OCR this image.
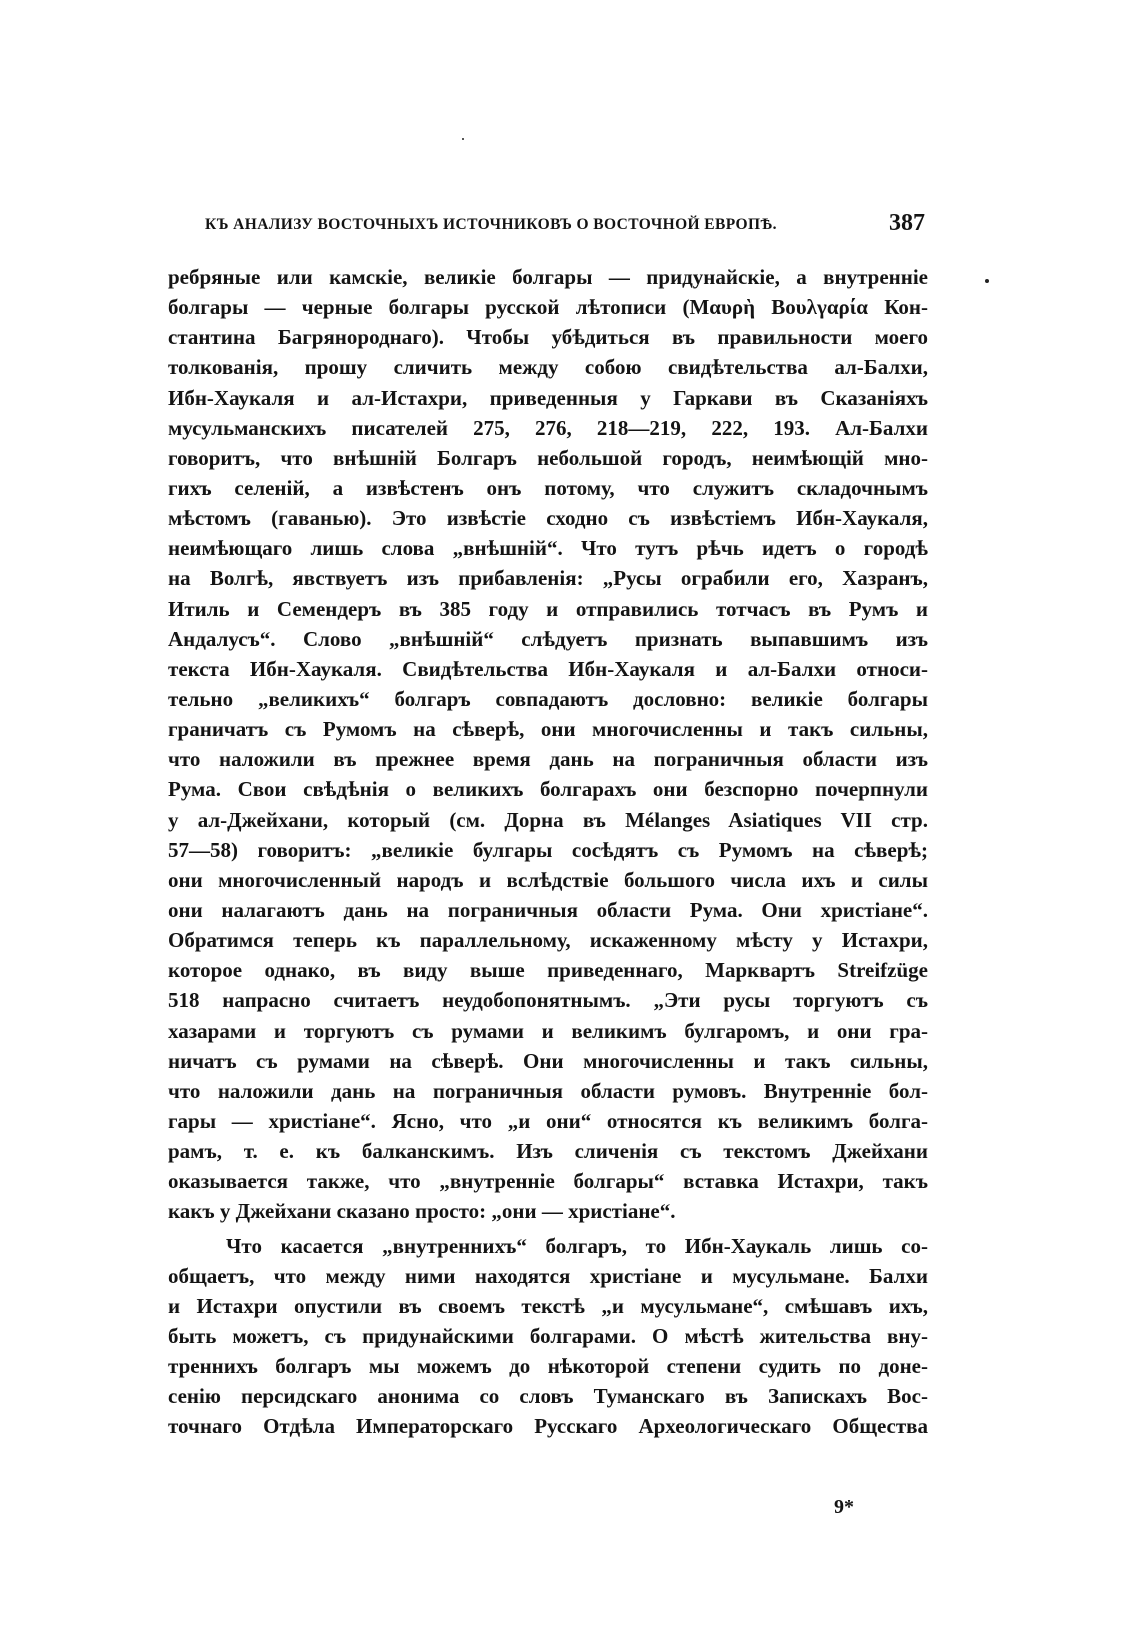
КЪ АНАЛИЗУ ВОСТОЧНЫХЪ ИСТОЧНИКОВЪ О ВОСТОЧНОЙ ЕВРОПѢ.	387
ребряные или камскіе, великіе болгары — придунайскіе, а внутренніе
болгары — черные болгары русской лѣтописи (Μαυρὴ Βουλγαρία Кон-
стантина Багрянороднаго). Чтобы убѣдиться въ правильности моего
толкованія, прошу сличить между собою свидѣтельства ал-Балхи,
Ибн-Хаукаля и ал-Истахри, приведенныя у Гаркави въ Сказаніяхъ
мусульманскихъ писателей 275, 276, 218—219, 222, 193. Ал-Балхи
говоритъ, что внѣшній Болгаръ небольшой городъ, неимѣющій мно-
гихъ селеній, а извѣстенъ онъ потому, что служитъ складочнымъ
мѣстомъ (гаванью). Это извѣстіе сходно съ извѣстіемъ Ибн-Хаукаля,
неимѣющаго лишь слова „внѣшній“. Что тутъ рѣчь идетъ о городѣ
на Волгѣ, явствуетъ изъ прибавленія: „Русы ограбили его, Хазранъ,
Итиль и Семендеръ въ 385 году и отправились тотчасъ въ Румъ и
Андалусъ“. Слово „внѣшній“ слѣдуетъ признать выпавшимъ изъ
текста Ибн-Хаукаля. Свидѣтельства Ибн-Хаукаля и ал-Балхи относи-
тельно „великихъ“ болгаръ совпадаютъ дословно: великіе болгары
граничатъ съ Румомъ на сѣверѣ, они многочисленны и такъ сильны,
что наложили въ прежнее время дань на пограничныя области изъ
Рума. Свои свѣдѣнія о великихъ болгарахъ они безспорно почерпнули
у ал-Джейхани, который (см. Дорна въ Mélanges Asiatiques VII стр.
57—58) говоритъ: „великіе булгары сосѣдятъ съ Румомъ на сѣверѣ;
они многочисленный народъ и вслѣдствіе большого числа ихъ и силы
они налагаютъ дань на пограничныя области Рума. Они христіане“.
Обратимся теперь къ параллельному, искаженному мѣсту у Истахри,
которое однако, въ виду выше приведеннаго, Марквартъ Streifzüge
518 напрасно считаетъ неудобопонятнымъ. „Эти русы торгуютъ съ
хазарами и торгуютъ съ румами и великимъ булгаромъ, и они гра-
ничатъ съ румами на сѣверѣ. Они многочисленны и такъ сильны,
что наложили дань на пограничныя области румовъ. Внутренніе бол-
гары — христіане“. Ясно, что „и они“ относятся къ великимъ болга-
рамъ, т. е. къ балканскимъ. Изъ сличенія съ текстомъ Джейхани
оказывается также, что „внутренніе болгары“ вставка Истахри, такъ
какъ у Джейхани сказано просто: „они — христіане“.
Что касается „внутреннихъ“ болгаръ, то Ибн-Хаукаль лишь со-
общаетъ, что между ними находятся христіане и мусульмане. Балхи
и Истахри опустили въ своемъ текстѣ „и мусульмане“, смѣшавъ ихъ,
быть можетъ, съ придунайскими болгарами. О мѣстѣ жительства вну-
треннихъ болгаръ мы можемъ до нѣкоторой степени судить по доне-
сенію персидскаго анонима со словъ Туманскаго въ Запискахъ Вос-
точнаго Отдѣла Императорскаго Русскаго Археологическаго Общества
9*
